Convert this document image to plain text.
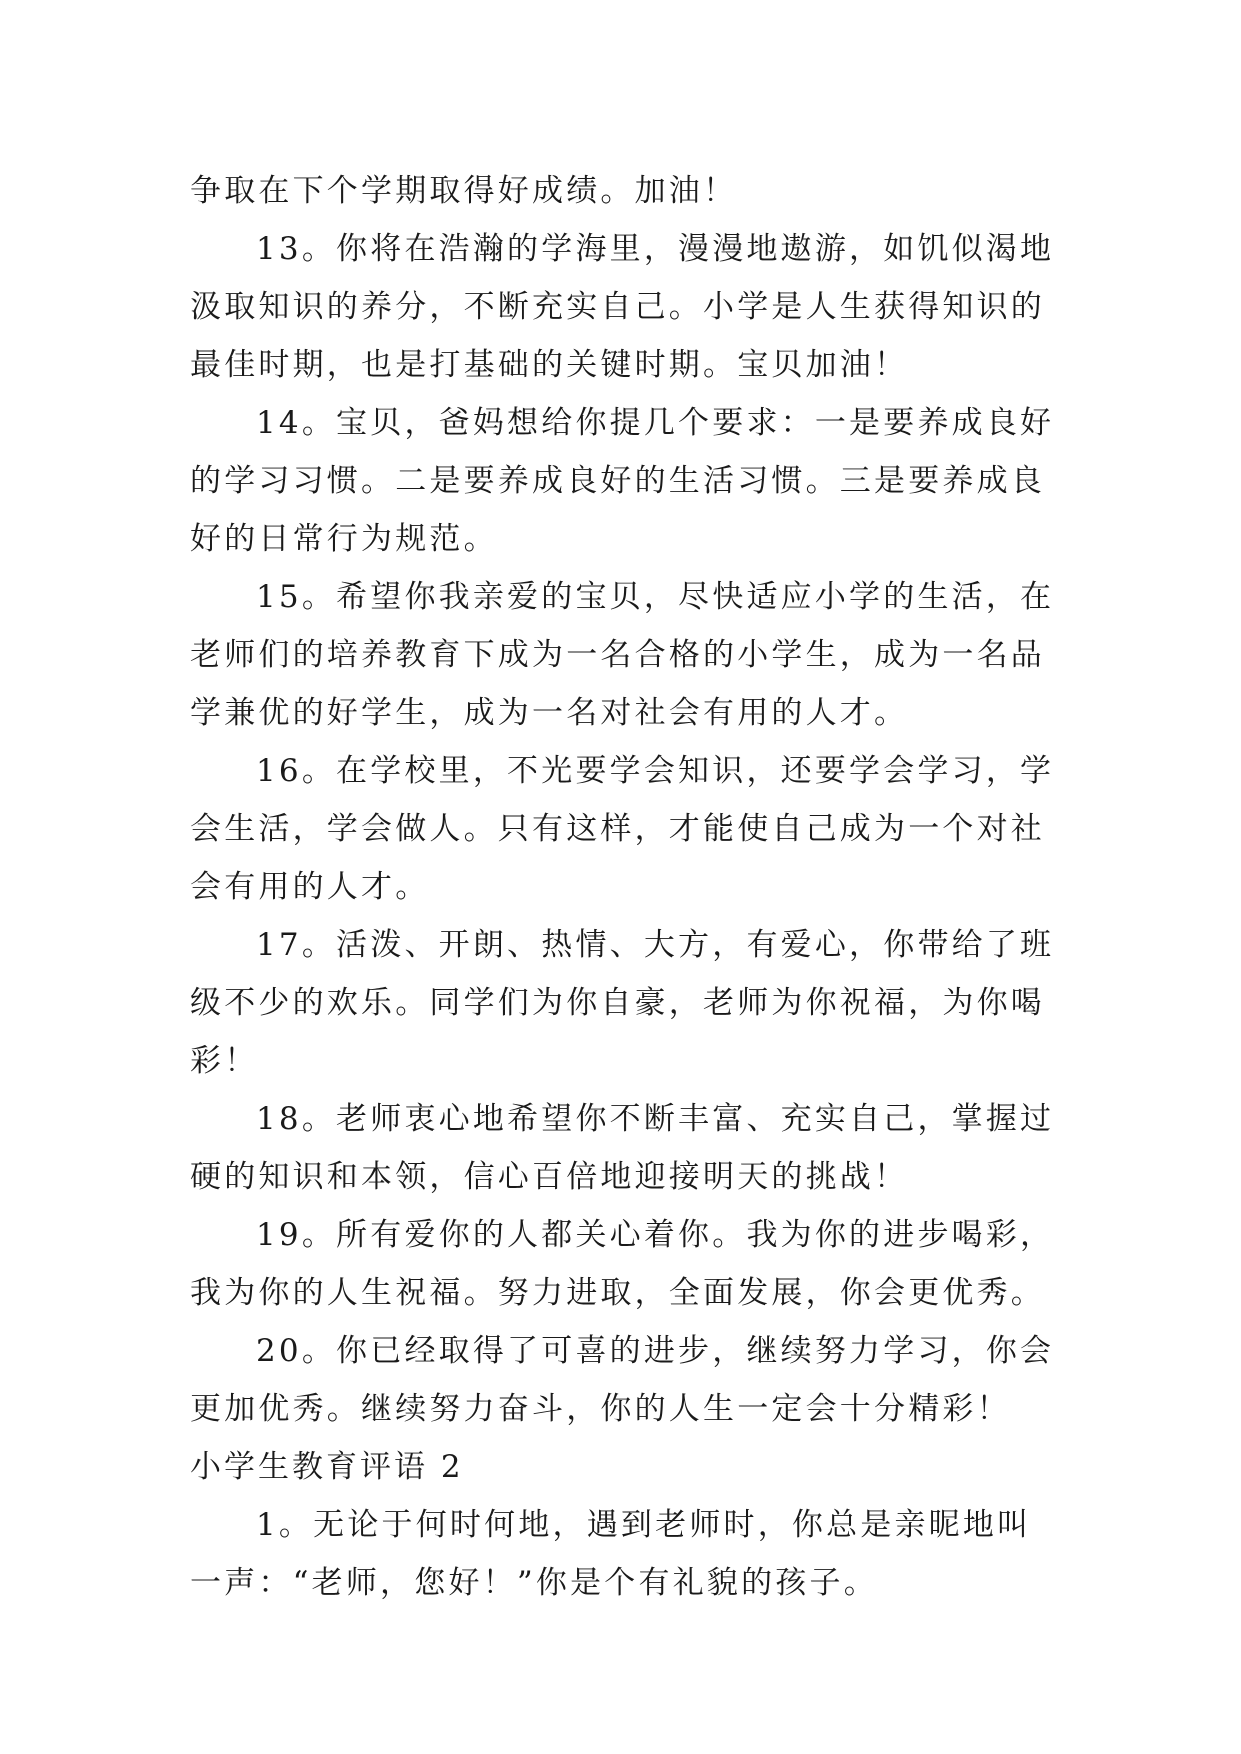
争取在下个学期取得好成绩。加油！

13。你将在浩瀚的学海里，漫漫地遨游，如饥似渴地汲取知识的养分，不断充实自己。小学是人生获得知识的最佳时期，也是打基础的关键时期。宝贝加油！

14。宝贝，爸妈想给你提几个要求：一是要养成良好的学习习惯。二是要养成良好的生活习惯。三是要养成良好的日常行为规范。

15。希望你我亲爱的宝贝，尽快适应小学的生活，在老师们的培养教育下成为一名合格的小学生，成为一名品学兼优的好学生，成为一名对社会有用的人才。

16。在学校里，不光要学会知识，还要学会学习，学会生活，学会做人。只有这样，才能使自己成为一个对社会有用的人才。

17。活泼、开朗、热情、大方，有爱心，你带给了班级不少的欢乐。同学们为你自豪，老师为你祝福，为你喝彩！

18。老师衷心地希望你不断丰富、充实自己，掌握过硬的知识和本领，信心百倍地迎接明天的挑战！

19。所有爱你的人都关心着你。我为你的进步喝彩，我为你的人生祝福。努力进取，全面发展，你会更优秀。

20。你已经取得了可喜的进步，继续努力学习，你会更加优秀。继续努力奋斗，你的人生一定会十分精彩！

小学生教育评语 2

1。无论于何时何地，遇到老师时，你总是亲昵地叫一声：“老师，您好！”你是个有礼貌的孩子。
